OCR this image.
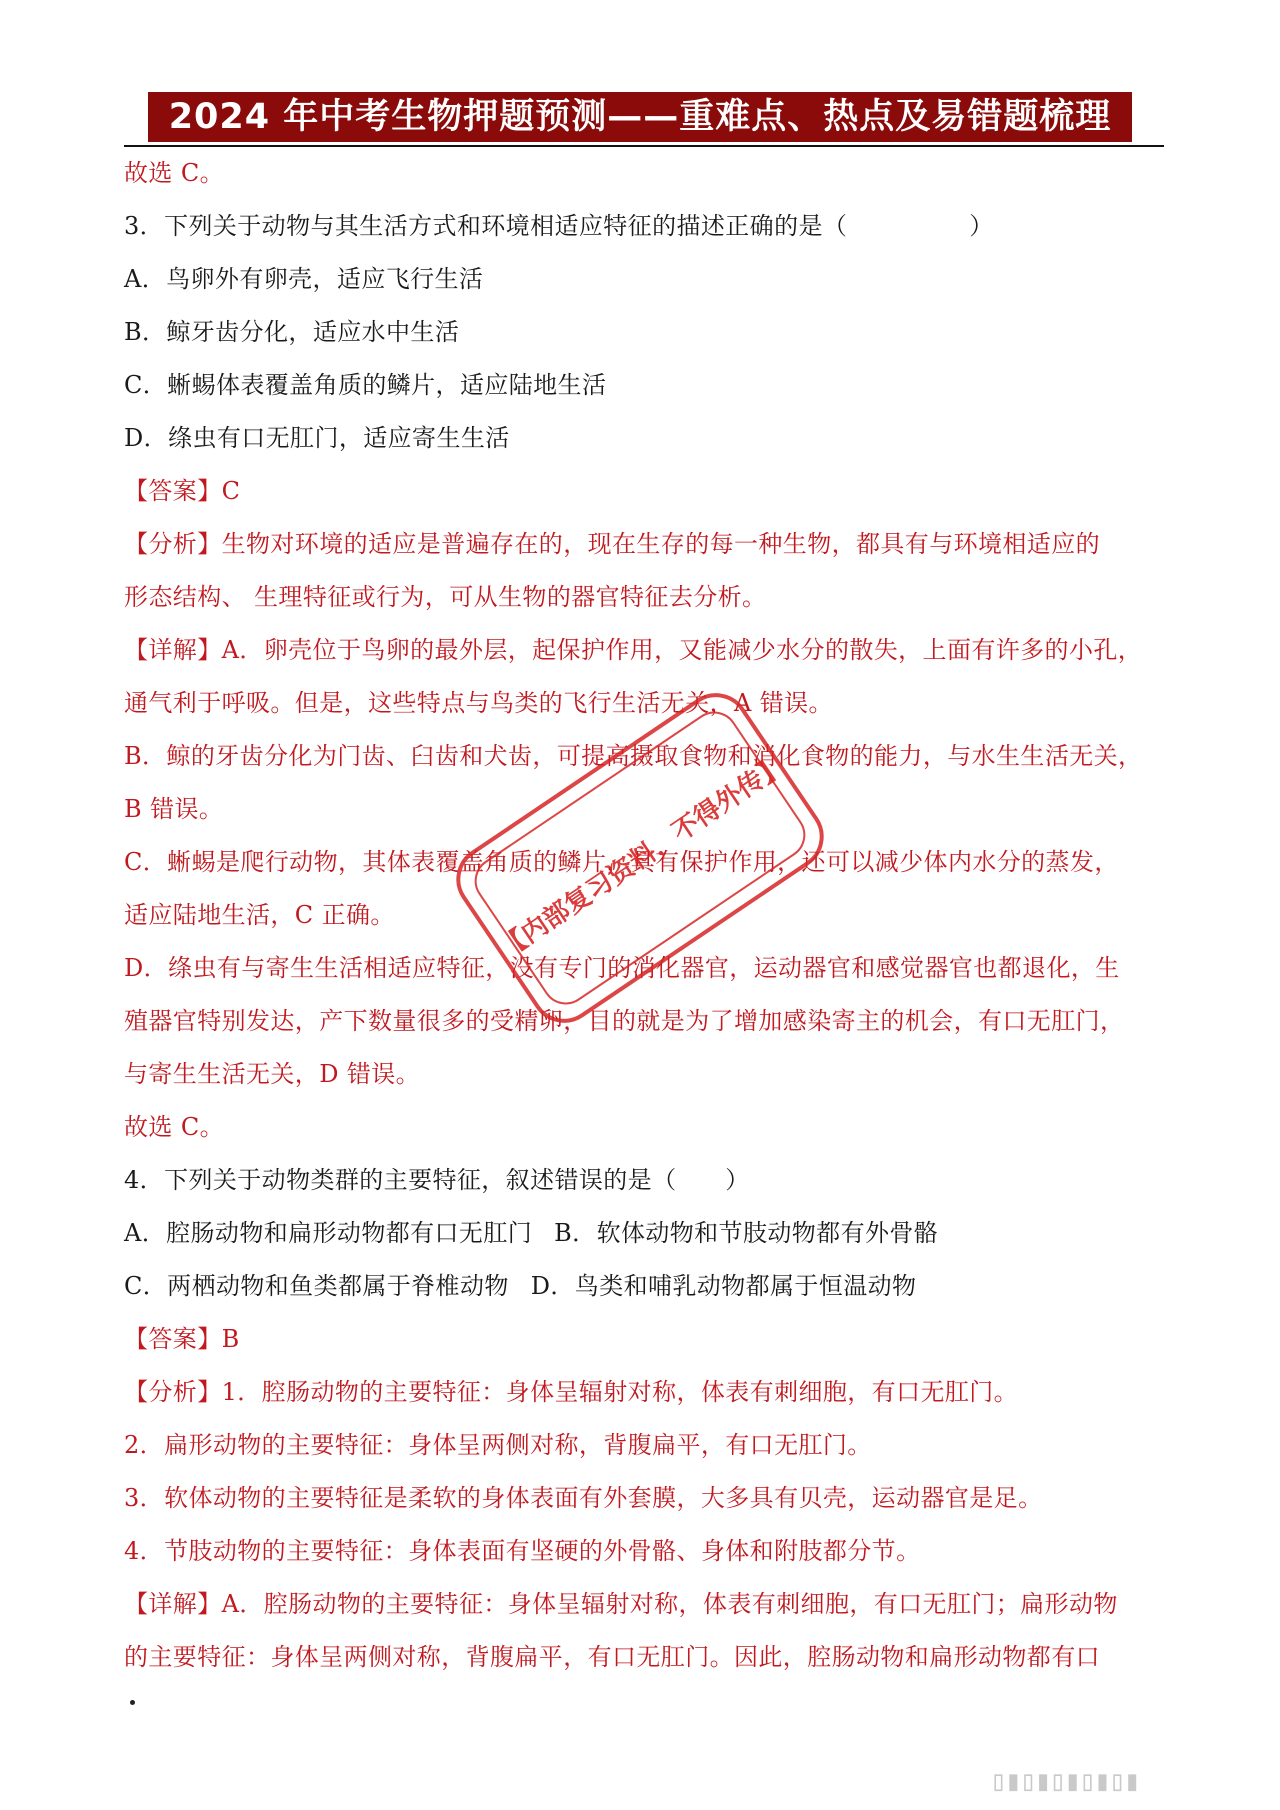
2024 年中考生物押题预测——重难点、热点及易错题梳理
故选 C。
3．下列关于动物与其生活方式和环境相适应特征的描述正确的是（　　　　　）
A．鸟卵外有卵壳，适应飞行生活
B．鲸牙齿分化，适应水中生活
C．蜥蜴体表覆盖角质的鳞片，适应陆地生活
D．绦虫有口无肛门，适应寄生生活
【答案】C
【分析】生物对环境的适应是普遍存在的，现在生存的每一种生物，都具有与环境相适应的
形态结构、 生理特征或行为，可从生物的器官特征去分析。
【详解】A．卵壳位于鸟卵的最外层，起保护作用，又能减少水分的散失，上面有许多的小孔，
通气利于呼吸。但是，这些特点与鸟类的飞行生活无关，A 错误。
B．鲸的牙齿分化为门齿、臼齿和犬齿，可提高摄取食物和消化食物的能力，与水生生活无关，
B 错误。
C．蜥蜴是爬行动物，其体表覆盖角质的鳞片，具有保护作用，还可以减少体内水分的蒸发，
适应陆地生活，C 正确。
D．绦虫有与寄生生活相适应特征，没有专门的消化器官，运动器官和感觉器官也都退化，生
殖器官特别发达，产下数量很多的受精卵，目的就是为了增加感染寄主的机会，有口无肛门，
与寄生生活无关，D 错误。
故选 C。
4．下列关于动物类群的主要特征，叙述错误的是（　　）
A．腔肠动物和扁形动物都有口无肛门 B．软体动物和节肢动物都有外骨骼
C．两栖动物和鱼类都属于脊椎动物 D．鸟类和哺乳动物都属于恒温动物
【答案】B
【分析】1．腔肠动物的主要特征：身体呈辐射对称，体表有刺细胞，有口无肛门。
2．扁形动物的主要特征：身体呈两侧对称，背腹扁平，有口无肛门。
3．软体动物的主要特征是柔软的身体表面有外套膜，大多具有贝壳，运动器官是足。
4．节肢动物的主要特征：身体表面有坚硬的外骨骼、身体和附肢都分节。
【详解】A．腔肠动物的主要特征：身体呈辐射对称，体表有刺细胞，有口无肛门；扁形动物
的主要特征：身体呈两侧对称，背腹扁平，有口无肛门。因此，腔肠动物和扁形动物都有口
【内部复习资料，不得外传】
▯▮▯▮▯▮▯▮▯▮
